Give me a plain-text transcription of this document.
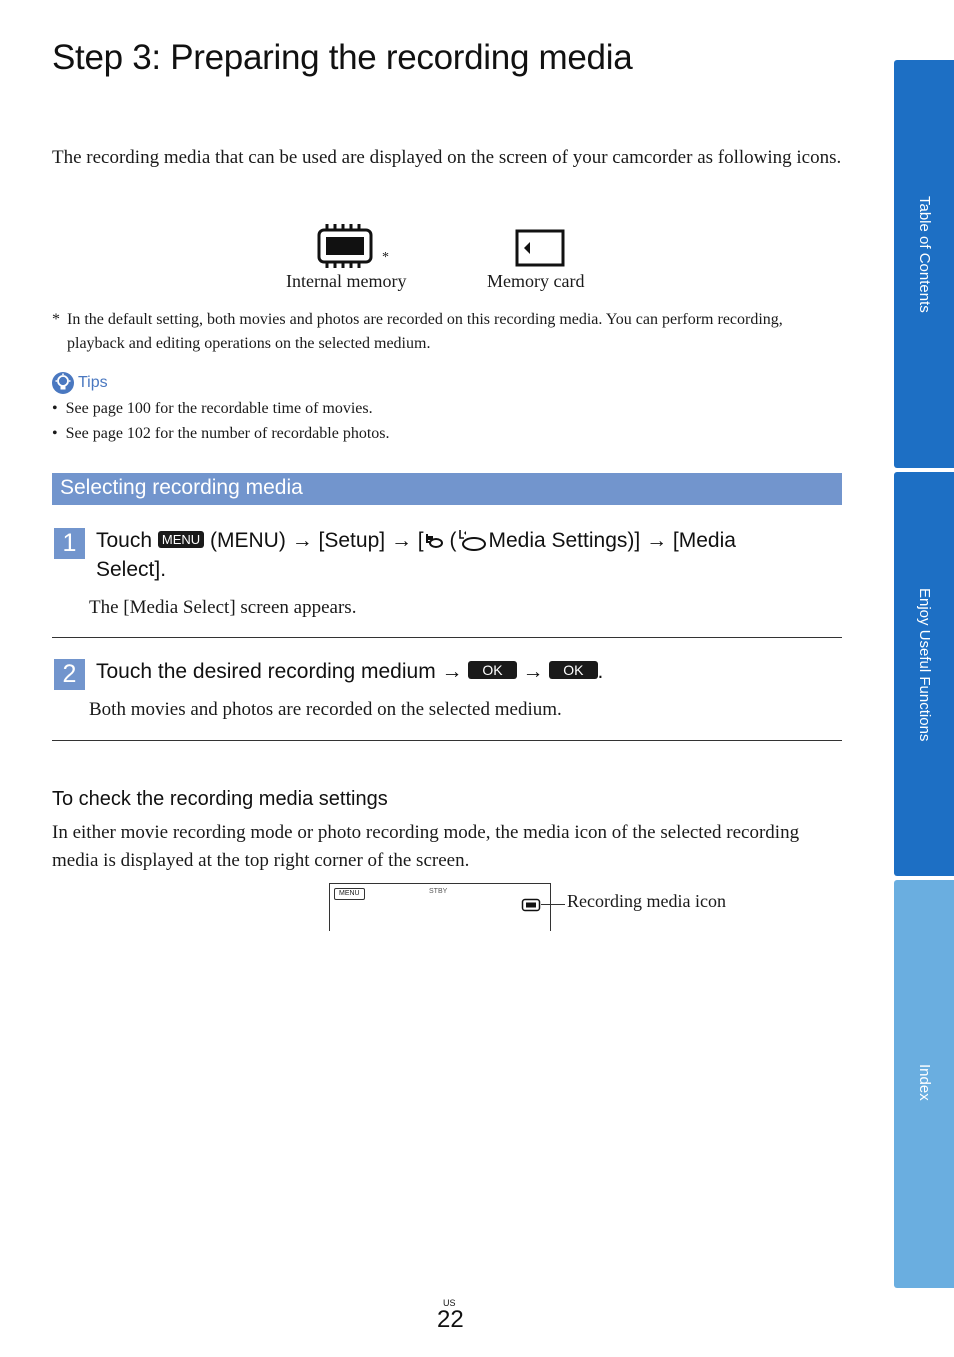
Step 3: Preparing the recording media
The recording media that can be used are displayed on the screen of your camcorder as following icons.
*
Internal memory	Memory card
* In the default setting, both movies and photos are recorded on this recording media. You can perform recording, playback and editing operations on the selected medium.
Tips
•  See page 100 for the recordable time of movies.
•  See page 102 for the number of recordable photos.
Selecting recording media
1 Touch MENU (MENU) → [Setup] → [ ( Media Settings)] → [Media
Select].
The [Media Select] screen appears.
2 Touch the desired recording medium → OK → OK .
Both movies and photos are recorded on the selected medium.
To check the recording media settings
In either movie recording mode or photo recording mode, the media icon of the selected recording media is displayed at the top right corner of the screen.
MENU	STBY	Recording media icon
Table of Contents
Enjoy Useful Functions
Index
US
22
